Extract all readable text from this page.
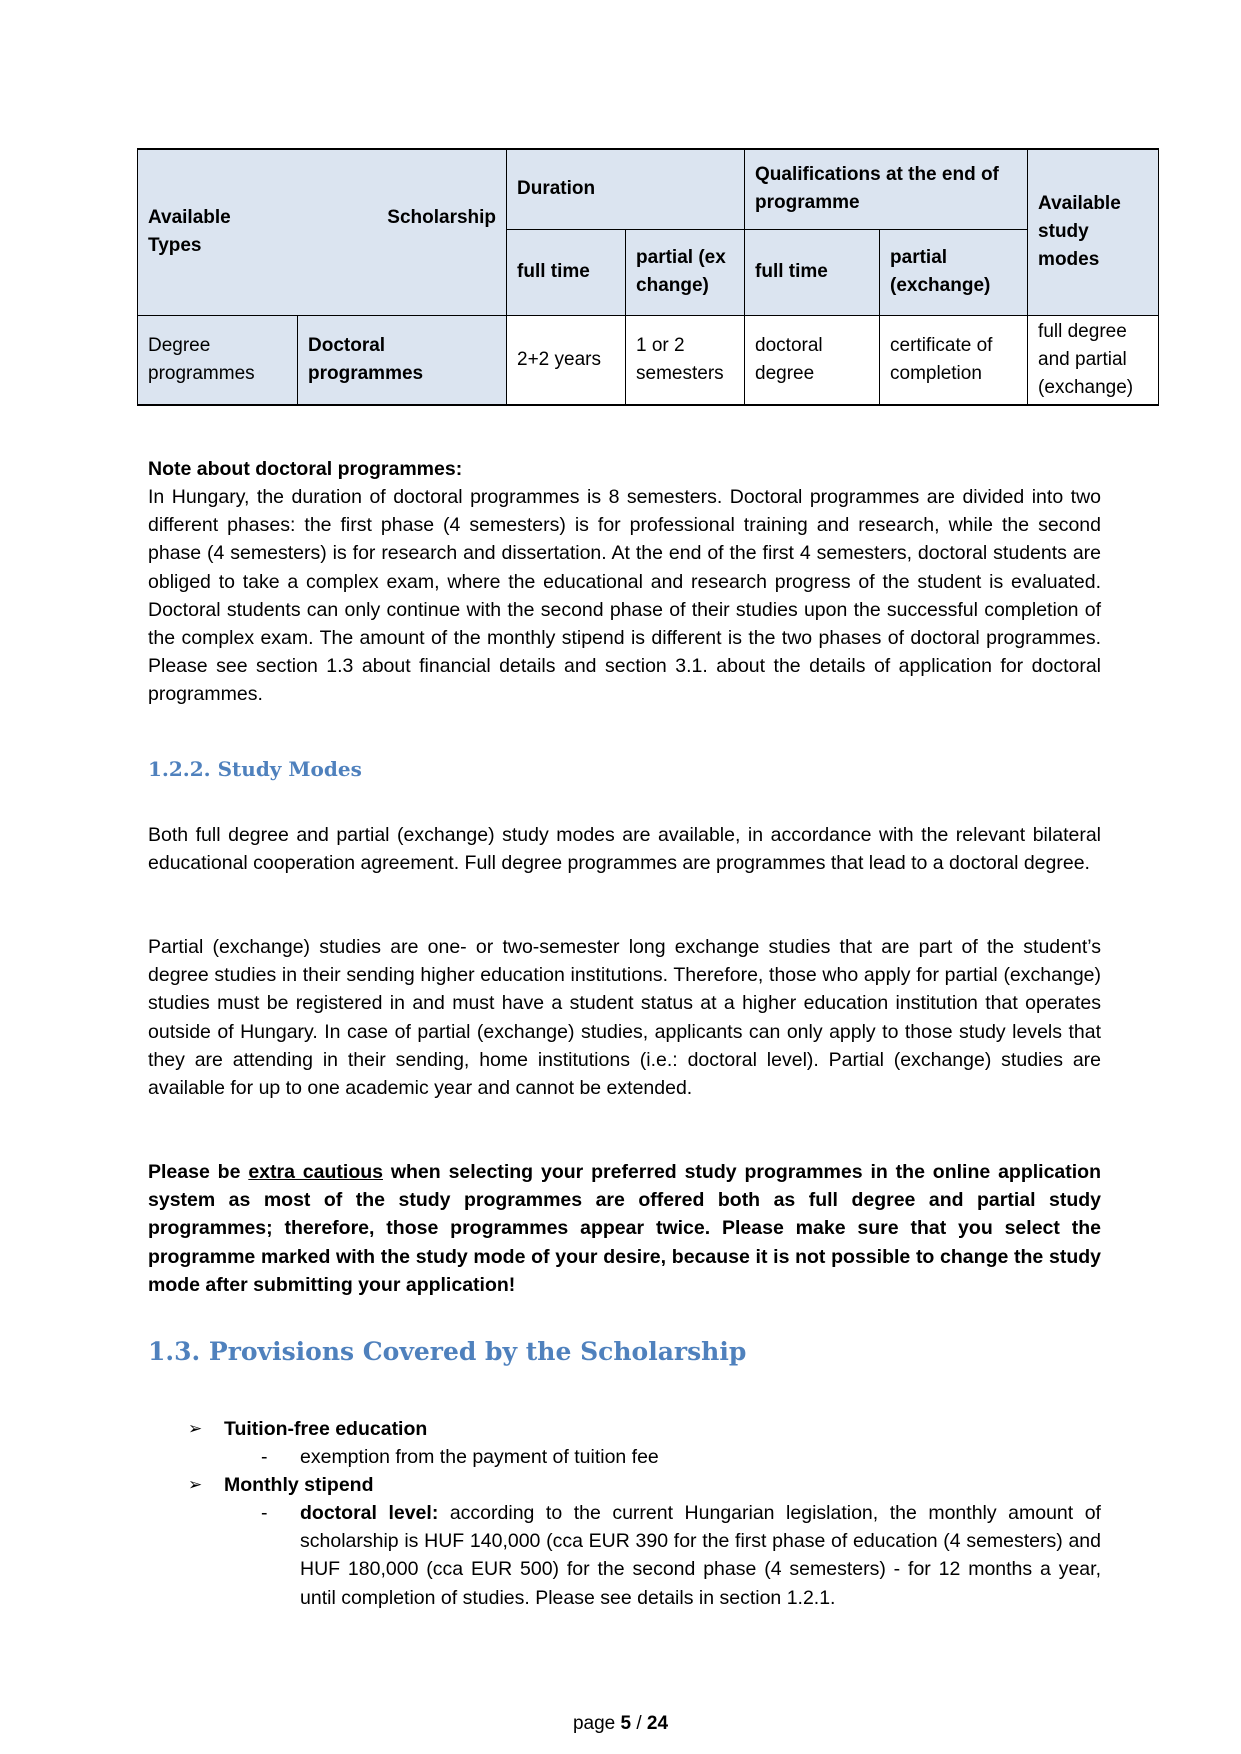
Available Scholarship
Types		Duration		Qualifications at the end of programme		Available study modes
		full time	partial (exchange)	full time	partial (exchange)	
Degree programmes	Doctoral programmes	2+2 years	1 or 2 semesters	doctoral degree	certificate of completion	full degree and partial (exchange)
Note about doctoral programmes:
In Hungary, the duration of doctoral programmes is 8 semesters. Doctoral programmes are divided into two different phases: the first phase (4 semesters) is for professional training and research, while the second phase (4 semesters) is for research and dissertation. At the end of the first 4 semesters, doctoral students are obliged to take a complex exam, where the educational and research progress of the student is evaluated. Doctoral students can only continue with the second phase of their studies upon the successful completion of the complex exam. The amount of the monthly stipend is different is the two phases of doctoral programmes. Please see section 1.3 about financial details and section 3.1. about the details of application for doctoral programmes.
1.2.2. Study Modes
Both full degree and partial (exchange) study modes are available, in accordance with the relevant bilateral educational cooperation agreement. Full degree programmes are programmes that lead to a doctoral degree.
Partial (exchange) studies are one- or two-semester long exchange studies that are part of the student’s degree studies in their sending higher education institutions. Therefore, those who apply for partial (exchange) studies must be registered in and must have a student status at a higher education institution that operates outside of Hungary. In case of partial (exchange) studies, applicants can only apply to those study levels that they are attending in their sending, home institutions (i.e.: doctoral level). Partial (exchange) studies are available for up to one academic year and cannot be extended.
Please be extra cautious when selecting your preferred study programmes in the online application system as most of the study programmes are offered both as full degree and partial study programmes; therefore, those programmes appear twice. Please make sure that you select the programme marked with the study mode of your desire, because it is not possible to change the study mode after submitting your application!
1.3. Provisions Covered by the Scholarship
➢ Tuition-free education
- exemption from the payment of tuition fee
➢ Monthly stipend
- doctoral level: according to the current Hungarian legislation, the monthly amount of scholarship is HUF 140,000 (cca EUR 390 for the first phase of education (4 semesters) and HUF 180,000 (cca EUR 500) for the second phase (4 semesters) - for 12 months a year, until completion of studies. Please see details in section 1.2.1.
page 5 / 24
